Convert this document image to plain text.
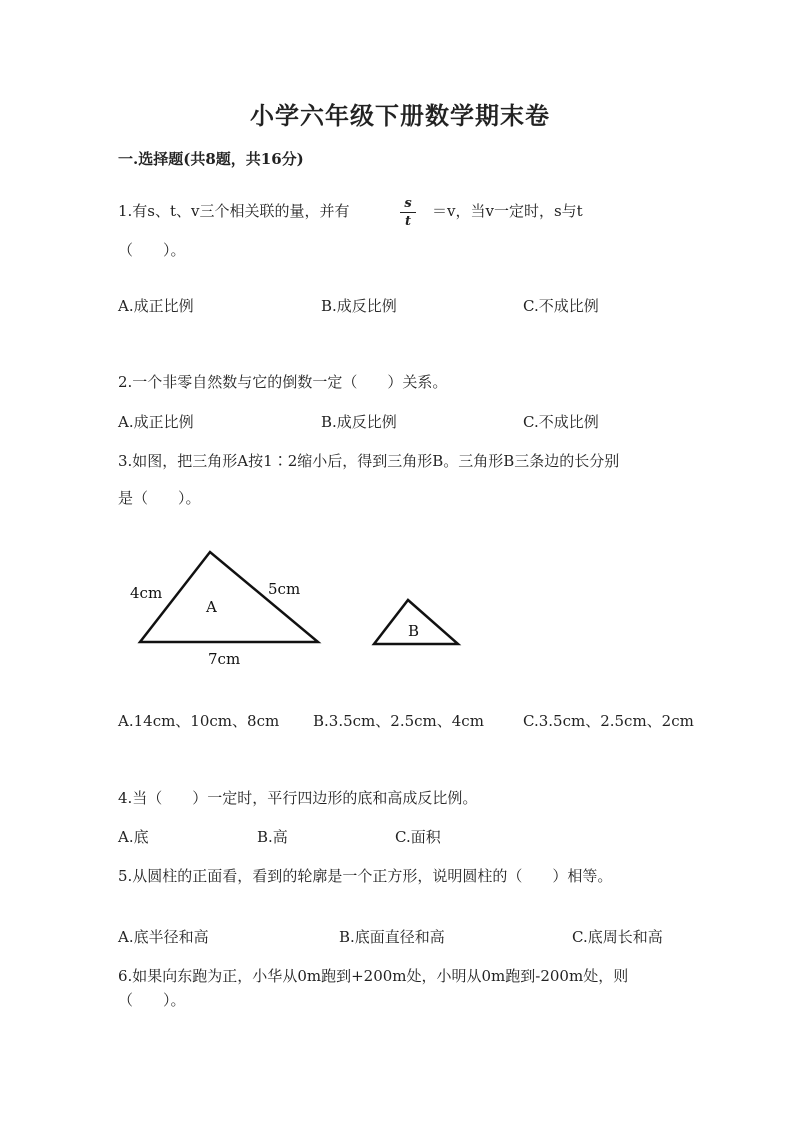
小学六年级下册数学期末卷
一.选择题(共8题，共16分)
1.有s、t、v三个相关联的量，并有	s
t
＝v，当v一定时，s与t
（　　）。
A.成正比例	B.成反比例	C.不成比例
2.一个非零自然数与它的倒数一定（　　）关系。
A.成正比例	B.成反比例	C.不成比例
3.如图，把三角形A按1∶2缩小后，得到三角形B。三角形B三条边的长分别
是（　　）。
4cm	5cm
7cm
A
B
A.14cm、10cm、8cm B.3.5cm、2.5cm、4cm	C.3.5cm、2.5cm、2cm
4.当（　　）一定时，平行四边形的底和高成反比例。
A.底	B.高	C.面积
5.从圆柱的正面看，看到的轮廓是一个正方形，说明圆柱的（　　）相等。
A.底半径和高	B.底面直径和高	C.底周长和高
6.如果向东跑为正，小华从0m跑到+200m处，小明从0m跑到-200m处，则
（　　）。
